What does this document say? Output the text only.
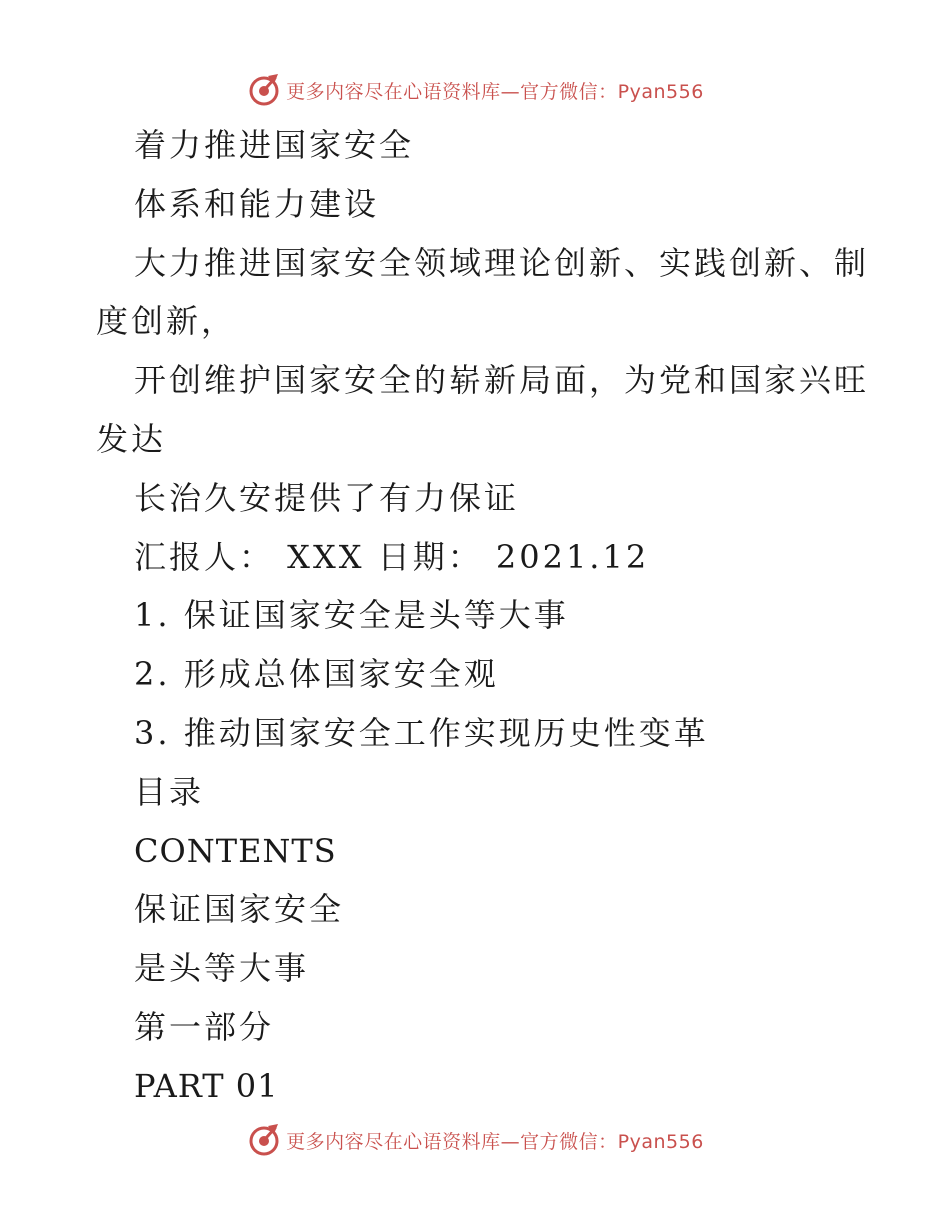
更多内容尽在心语资料库—官方微信：Pyan556
着力推进国家安全
体系和能力建设
大力推进国家安全领域理论创新、实践创新、制
度创新，
开创维护国家安全的崭新局面，为党和国家兴旺
发达
长治久安提供了有力保证
汇报人： XXX 日期： 2021.12
1. 保证国家安全是头等大事
2. 形成总体国家安全观
3. 推动国家安全工作实现历史性变革
目录
CONTENTS
保证国家安全
是头等大事
第一部分
PART 01
更多内容尽在心语资料库—官方微信：Pyan556
